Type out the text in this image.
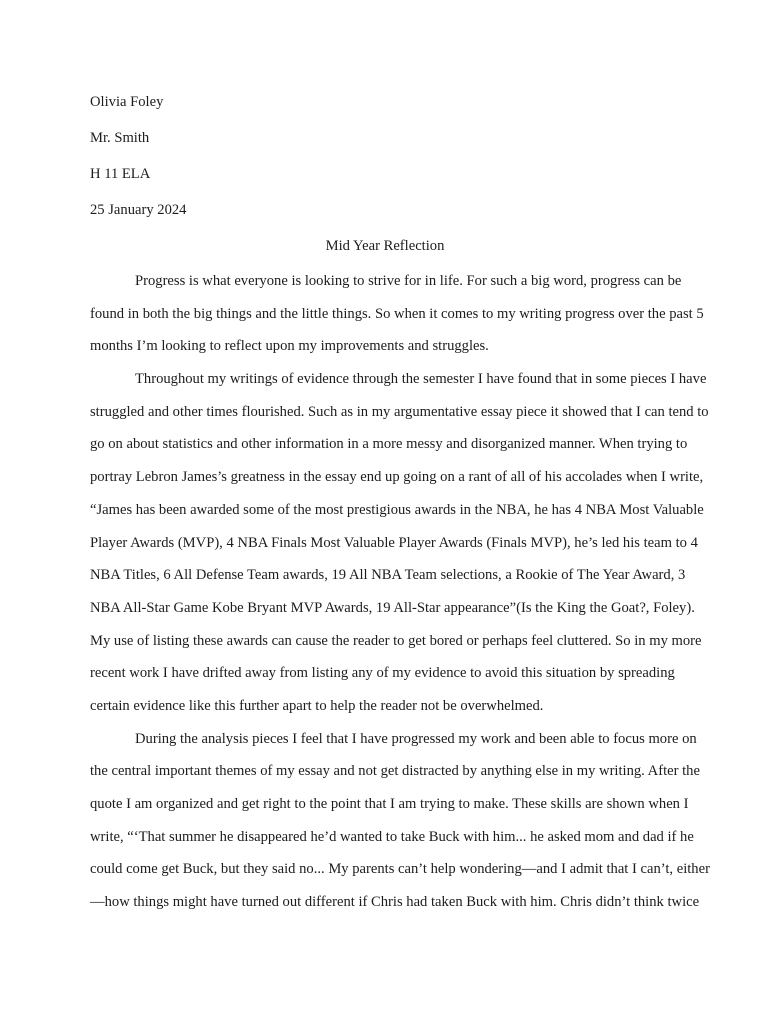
Olivia Foley
Mr. Smith
H 11 ELA
25 January 2024
Mid Year Reflection
Progress is what everyone is looking to strive for in life. For such a big word, progress can be
found in both the big things and the little things. So when it comes to my writing progress over the past 5
months I’m looking to reflect upon my improvements and struggles.
Throughout my writings of evidence through the semester I have found that in some pieces I have
struggled and other times flourished. Such as in my argumentative essay piece it showed that I can tend to
go on about statistics and other information in a more messy and disorganized manner. When trying to
portray Lebron James’s greatness in the essay end up going on a rant of all of his accolades when I write,
“James has been awarded some of the most prestigious awards in the NBA, he has 4 NBA Most Valuable
Player Awards (MVP), 4 NBA Finals Most Valuable Player Awards (Finals MVP), he’s led his team to 4
NBA Titles, 6 All Defense Team awards, 19 All NBA Team selections, a Rookie of The Year Award, 3
NBA All-Star Game Kobe Bryant MVP Awards, 19 All-Star appearance”(Is the King the Goat?, Foley).
My use of listing these awards can cause the reader to get bored or perhaps feel cluttered. So in my more
recent work I have drifted away from listing any of my evidence to avoid this situation by spreading
certain evidence like this further apart to help the reader not be overwhelmed.
During the analysis pieces I feel that I have progressed my work and been able to focus more on
the central important themes of my essay and not get distracted by anything else in my writing. After the
quote I am organized and get right to the point that I am trying to make. These skills are shown when I
write, “‘That summer he disappeared he’d wanted to take Buck with him... he asked mom and dad if he
could come get Buck, but they said no... My parents can’t help wondering—and I admit that I can’t, either
—how things might have turned out different if Chris had taken Buck with him. Chris didn’t think twice
